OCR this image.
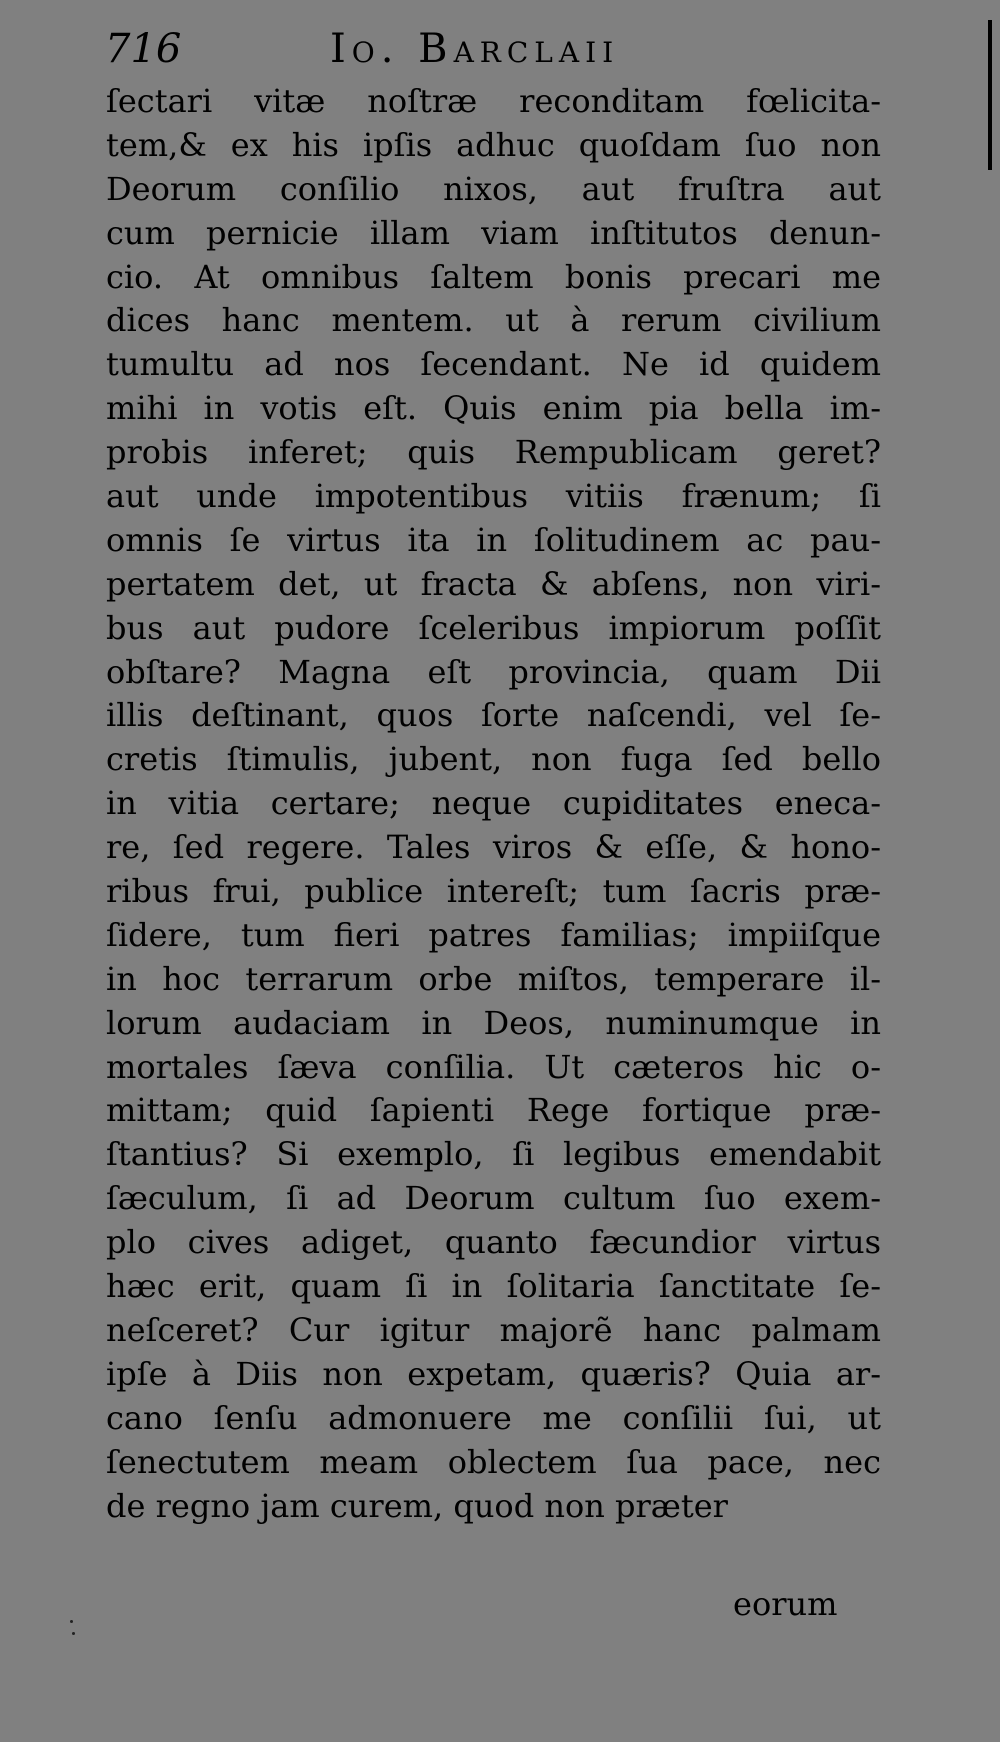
716	Io. Barclaii
ſectari vitæ noſtræ reconditam fœlicita-
tem,& ex his ipſis adhuc quoſdam ſuo non
Deorum conſilio nixos, aut fruſtra aut
cum pernicie illam viam inſtitutos denun-
cio. At omnibus ſaltem bonis precari me
dices hanc mentem. ut à rerum civilium
tumultu ad nos ſecendant. Ne id quidem
mihi in votis eſt. Quis enim pia bella im-
probis inferet; quis Rempublicam geret?
aut unde impotentibus vitiis frænum; ſi
omnis ſe virtus ita in ſolitudinem ac pau-
pertatem det, ut fracta & abſens, non viri-
bus aut pudore ſceleribus impiorum poſſit
obſtare? Magna eſt provincia, quam Dii
illis deſtinant, quos ſorte naſcendi, vel ſe-
cretis ſtimulis, jubent, non fuga ſed bello
in vitia certare; neque cupiditates eneca-
re, ſed regere. Tales viros & eſſe, & hono-
ribus frui, publice intereſt; tum ſacris præ-
ſidere, tum fieri patres familias; impiiſque
in hoc terrarum orbe miſtos, temperare il-
lorum audaciam in Deos, numinumque in
mortales ſæva conſilia. Ut cæteros hic o-
mittam; quid ſapienti Rege fortique præ-
ſtantius? Si exemplo, ſi legibus emendabit
ſæculum, ſi ad Deorum cultum ſuo exem-
plo cives adiget, quanto fæcundior virtus
hæc erit, quam ſi in ſolitaria ſanctitate ſe-
neſceret? Cur igitur majorẽ hanc palmam
ipſe à Diis non expetam, quæris? Quia ar-
cano ſenſu admonuere me conſilii ſui, ut
ſenectutem meam oblectem ſua pace, nec
de regno jam curem, quod non præter
eorum
